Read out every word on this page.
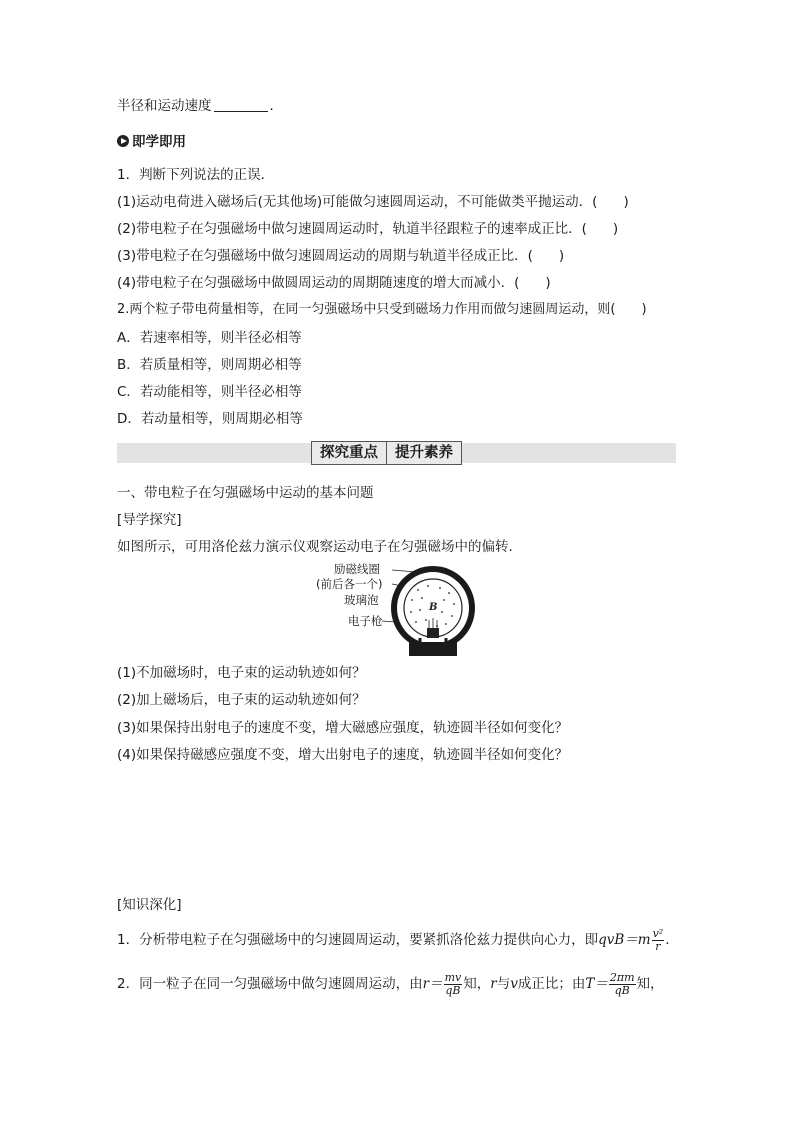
半径和运动速度	．
即学即用
1．判断下列说法的正误．
(1)运动电荷进入磁场后(无其他场)可能做匀速圆周运动，不可能做类平抛运动．( )
(2)带电粒子在匀强磁场中做匀速圆周运动时，轨道半径跟粒子的速率成正比．( )
(3)带电粒子在匀强磁场中做匀速圆周运动的周期与轨道半径成正比．( )
(4)带电粒子在匀强磁场中做圆周运动的周期随速度的增大而减小．( )
2.两个粒子带电荷量相等，在同一匀强磁场中只受到磁场力作用而做匀速圆周运动，则( )
A．若速率相等，则半径必相等
B．若质量相等，则周期必相等
C．若动能相等，则半径必相等
D．若动量相等，则周期必相等
探究重点	提升素养
一、带电粒子在匀强磁场中运动的基本问题
[导学探究]
如图所示，可用洛伦兹力演示仪观察运动电子在匀强磁场中的偏转．
励磁线圈
(前后各一个)
玻璃泡
电子枪
B
(1)不加磁场时，电子束的运动轨迹如何？
(2)加上磁场后，电子束的运动轨迹如何？
(3)如果保持出射电子的速度不变，增大磁感应强度，轨迹圆半径如何变化？
(4)如果保持磁感应强度不变，增大出射电子的速度，轨迹圆半径如何变化？
[知识深化]
1．分析带电粒子在匀强磁场中的匀速圆周运动，要紧抓洛伦兹力提供向心力，即$qvB=m \frac{\text{v²}}{r}$ .
2．同一粒子在同一匀强磁场中做匀速圆周运动，由$r= \frac{mv}{qB}$ 知，r与v成正比；由$T= \frac{2\pi m}{qB}$ 知，
